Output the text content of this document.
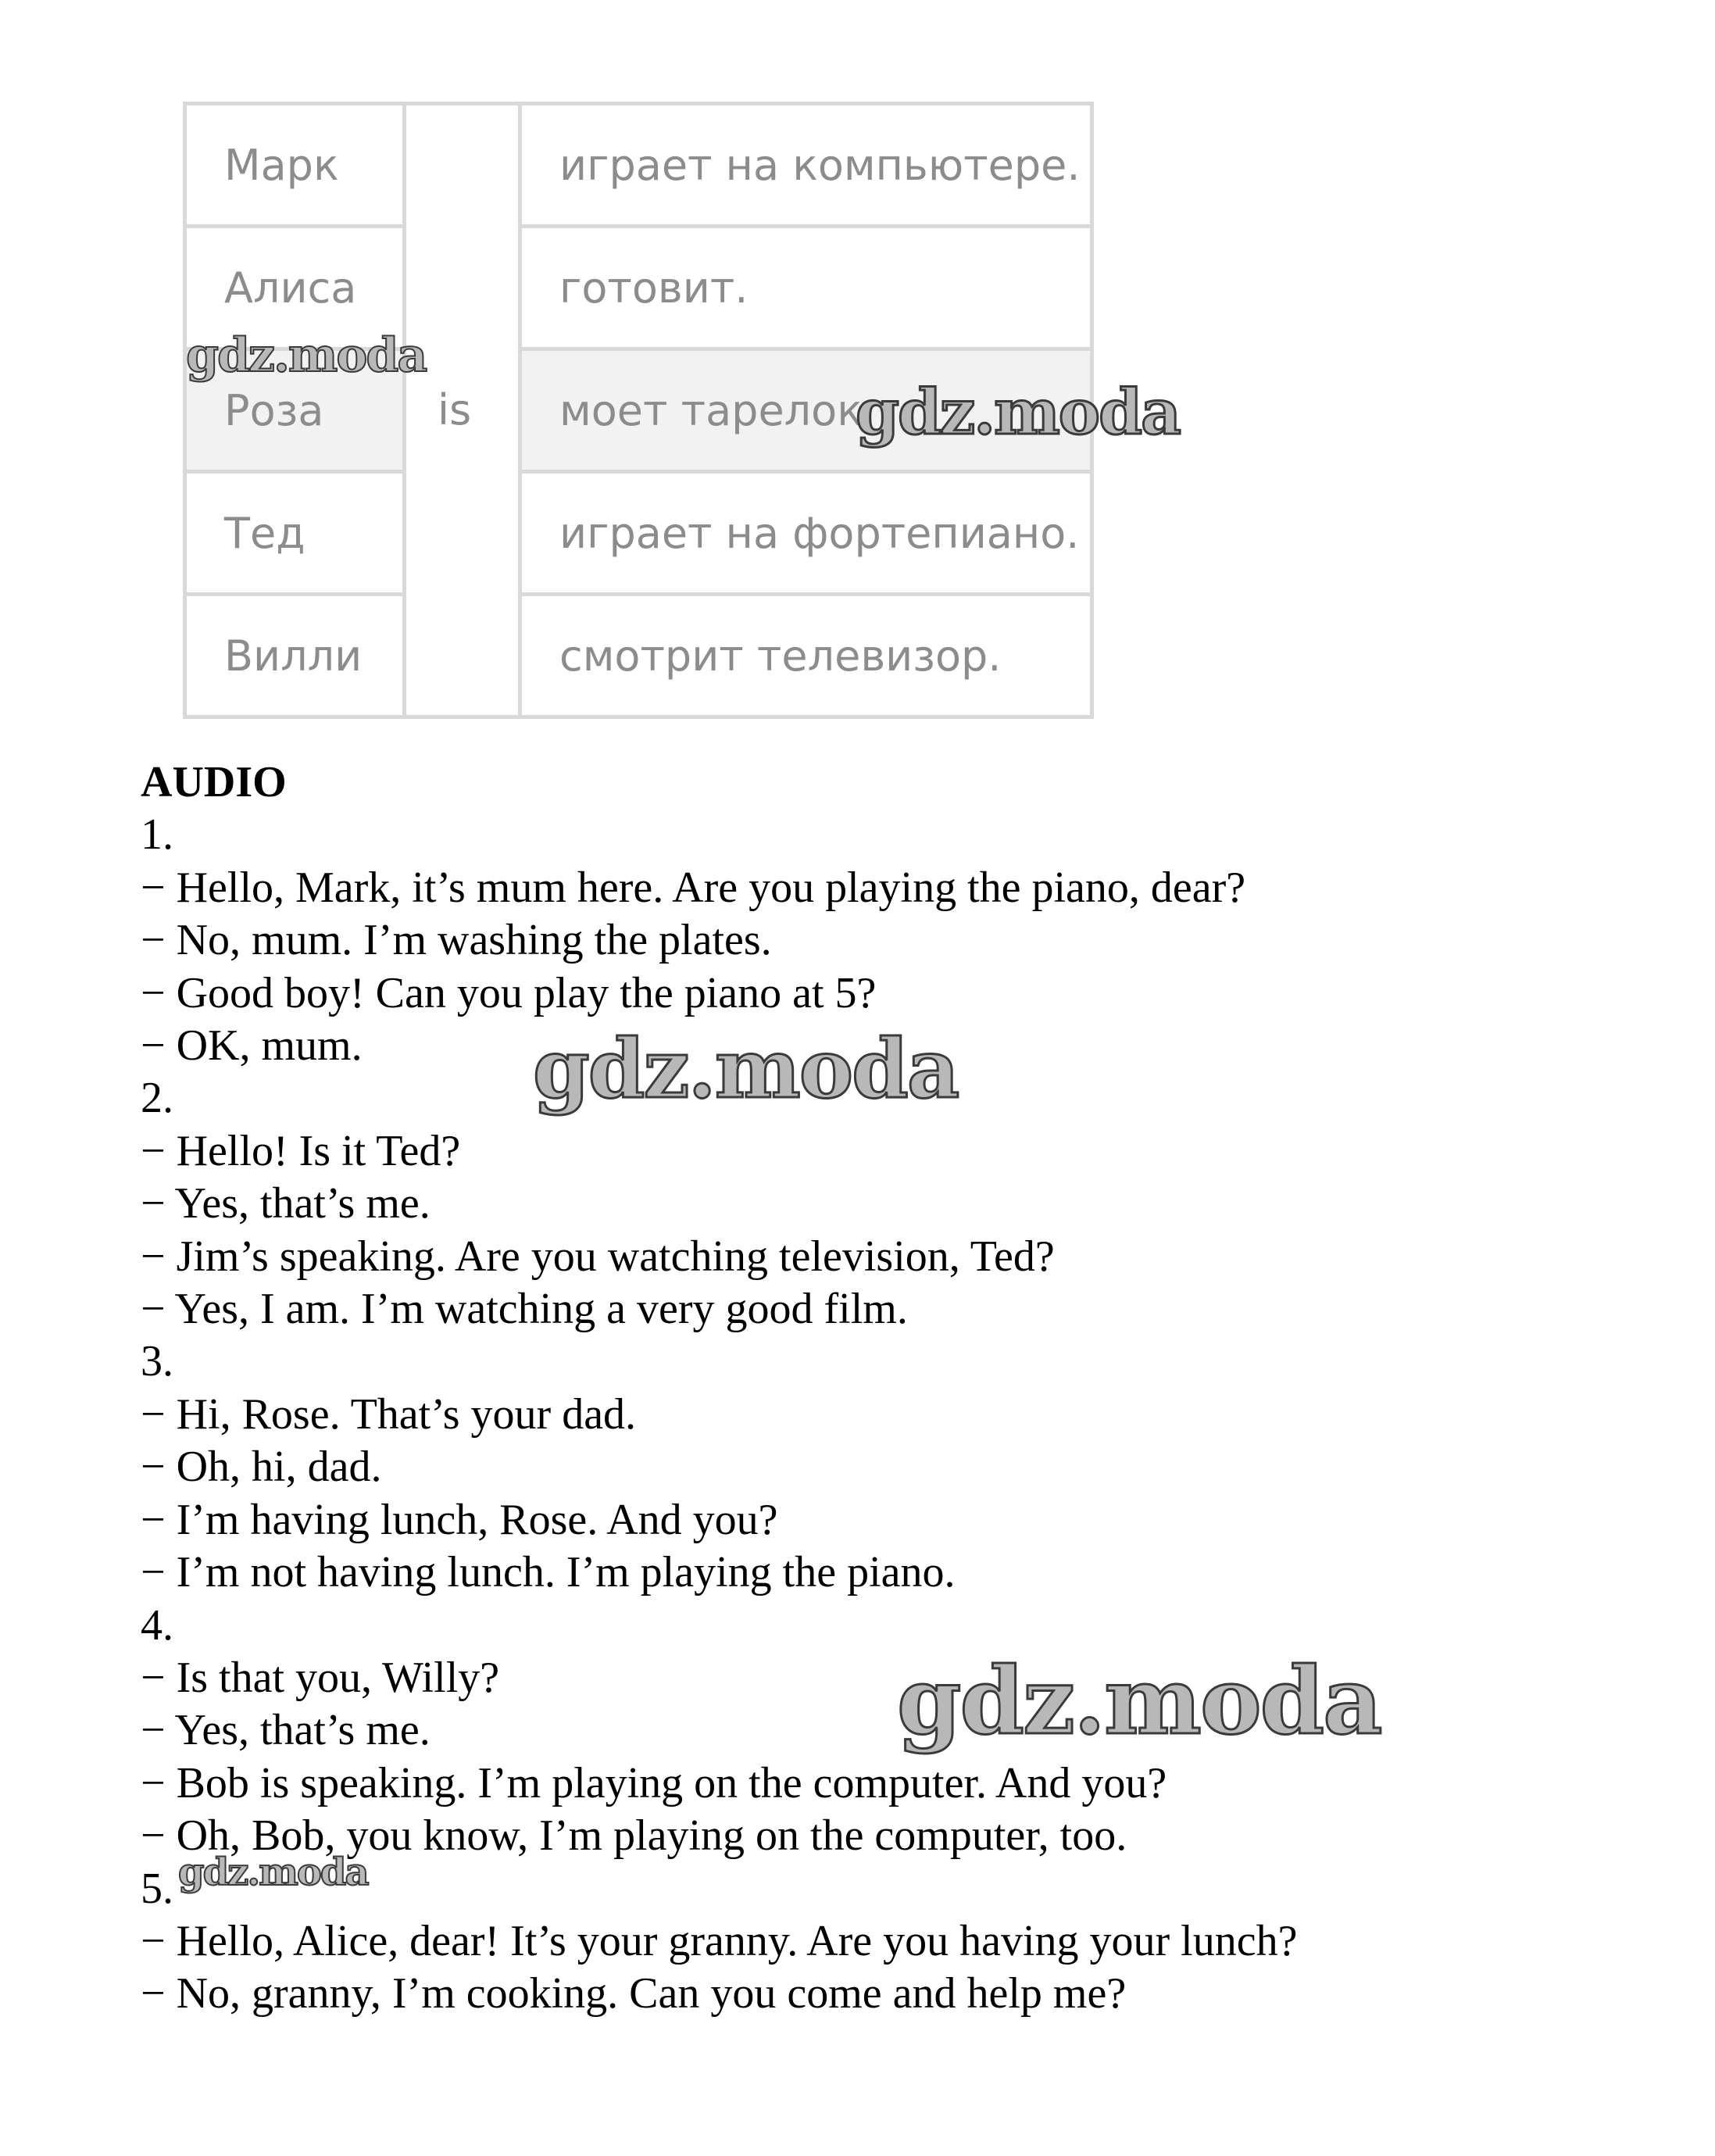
Марк		играет на компьютере.
Алиса		готовит.
Роза		моет тарелок.
Тед		играет на фортепиано.
Вилли		смотрит телевизор.
is
AUDIO
1.
− Hello, Mark, it’s mum here. Are you playing the piano, dear?
− No, mum. I’m washing the plates.
− Good boy! Can you play the piano at 5?
− OK, mum.
2.
− Hello! Is it Ted?
− Yes, that’s me.
− Jim’s speaking. Are you watching television, Ted?
− Yes, I am. I’m watching a very good film.
3.
− Hi, Rose. That’s your dad.
− Oh, hi, dad.
− I’m having lunch, Rose. And you?
− I’m not having lunch. I’m playing the piano.
4.
− Is that you, Willy?
− Yes, that’s me.
− Bob is speaking. I’m playing on the computer. And you?
− Oh, Bob, you know, I’m playing on the computer, too.
5.
− Hello, Alice, dear! It’s your granny. Are you having your lunch?
− No, granny, I’m cooking. Can you come and help me?
gdz.moda
gdz.moda
gdz.moda
gdz.moda
gdz.moda
